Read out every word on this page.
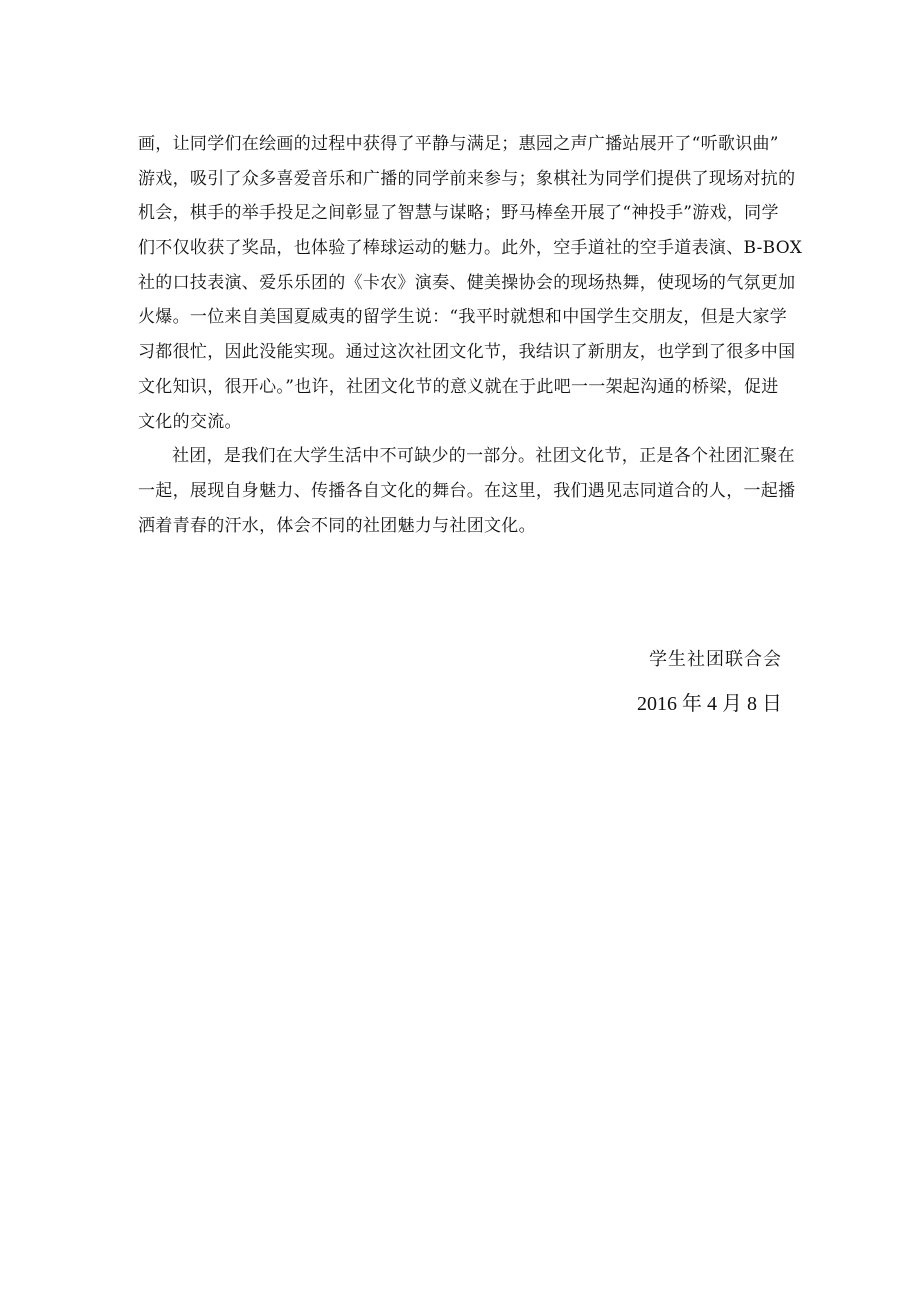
画，让同学们在绘画的过程中获得了平静与满足；惠园之声广播站展开了“听歌识曲”
游戏，吸引了众多喜爱音乐和广播的同学前来参与；象棋社为同学们提供了现场对抗的
机会，棋手的举手投足之间彰显了智慧与谋略；野马棒垒开展了“神投手”游戏，同学
们不仅收获了奖品，也体验了棒球运动的魅力。此外，空手道社的空手道表演、B-BOX
社的口技表演、爱乐乐团的《卡农》演奏、健美操协会的现场热舞，使现场的气氛更加
火爆。一位来自美国夏威夷的留学生说：“我平时就想和中国学生交朋友，但是大家学
习都很忙，因此没能实现。通过这次社团文化节，我结识了新朋友，也学到了很多中国
文化知识，很开心。”也许，社团文化节的意义就在于此吧一一架起沟通的桥梁，促进
文化的交流。
社团，是我们在大学生活中不可缺少的一部分。社团文化节，正是各个社团汇聚在
一起，展现自身魅力、传播各自文化的舞台。在这里，我们遇见志同道合的人，一起播
洒着青春的汗水，体会不同的社团魅力与社团文化。
学生社团联合会
2016 年 4 月 8 日
